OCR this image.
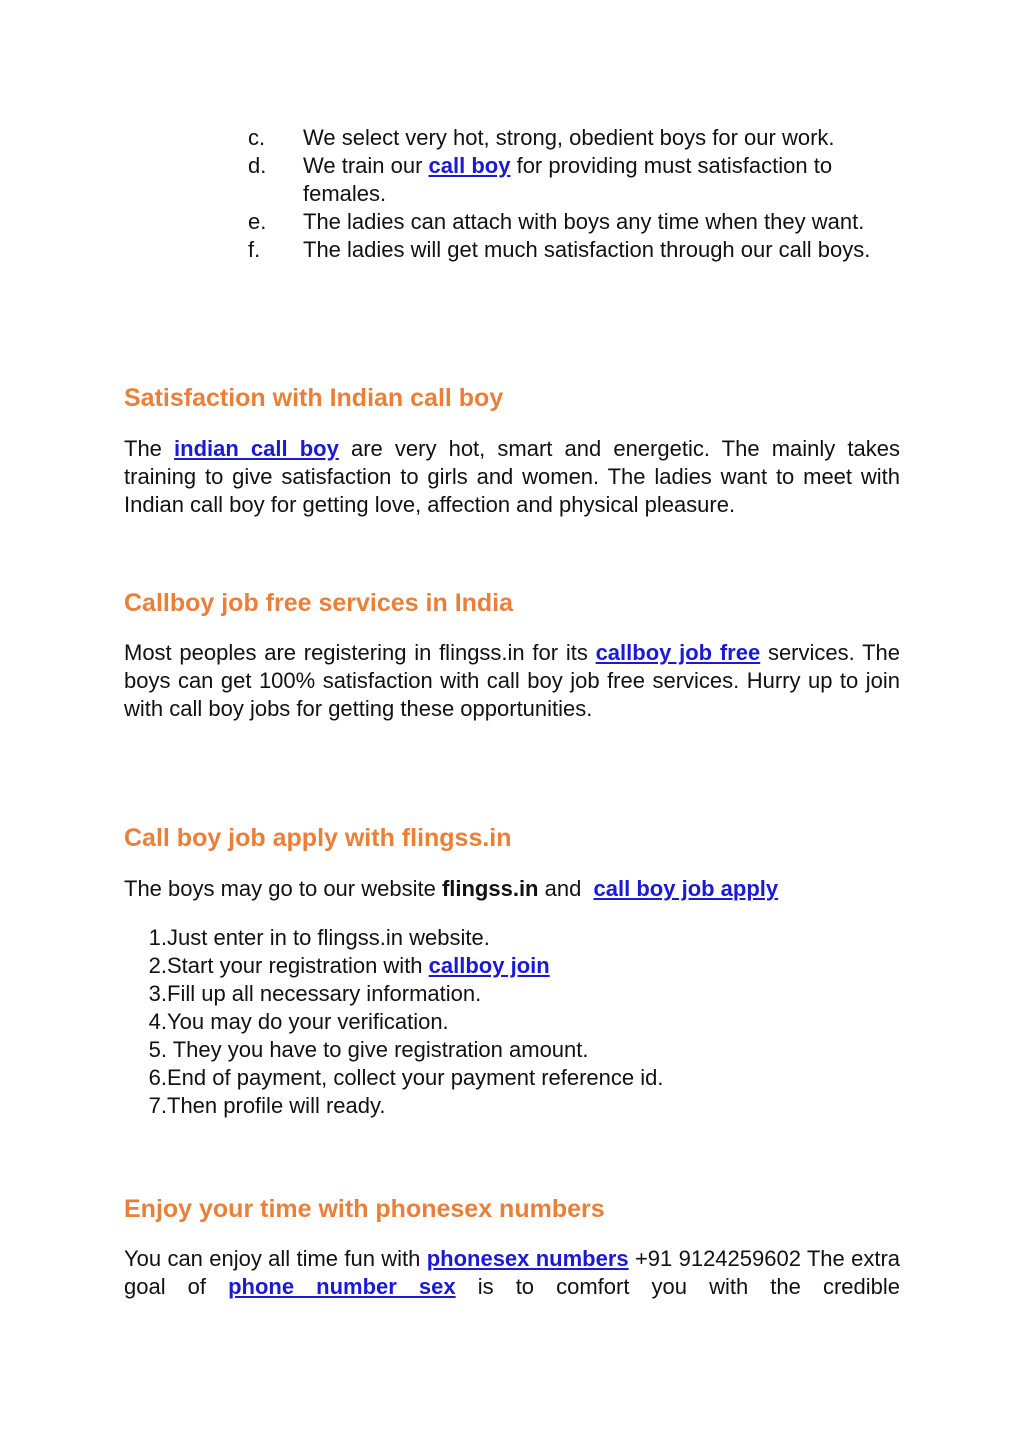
c.	We select very hot, strong, obedient boys for our work.
d.	We train our call boy for providing must satisfaction to females.
e.	The ladies can attach with boys any time when they want.
f.	The ladies will get much satisfaction through our call boys.
Satisfaction with Indian call boy

The indian call boy are very hot, smart and energetic. The mainly takes training to give satisfaction to girls and women. The ladies want to meet with Indian call boy for getting love, affection and physical pleasure.

Callboy job free services in India

Most peoples are registering in flingss.in for its callboy job free services. The boys can get 100% satisfaction with call boy job free services. Hurry up to join with call boy jobs for getting these opportunities.

Call boy job apply with flingss.in

The boys may go to our website flingss.in and  call boy job apply

1. Just enter in to flingss.in website.
2. Start your registration with callboy join
3. Fill up all necessary information.
4. You may do your verification.
5. They you have to give registration amount.
6. End of payment, collect your payment reference id.
7. Then profile will ready.
Enjoy your time with phonesex numbers

You can enjoy all time fun with phonesex numbers +91 9124259602 The extra goal of phone number sex is to comfort you with the credible
